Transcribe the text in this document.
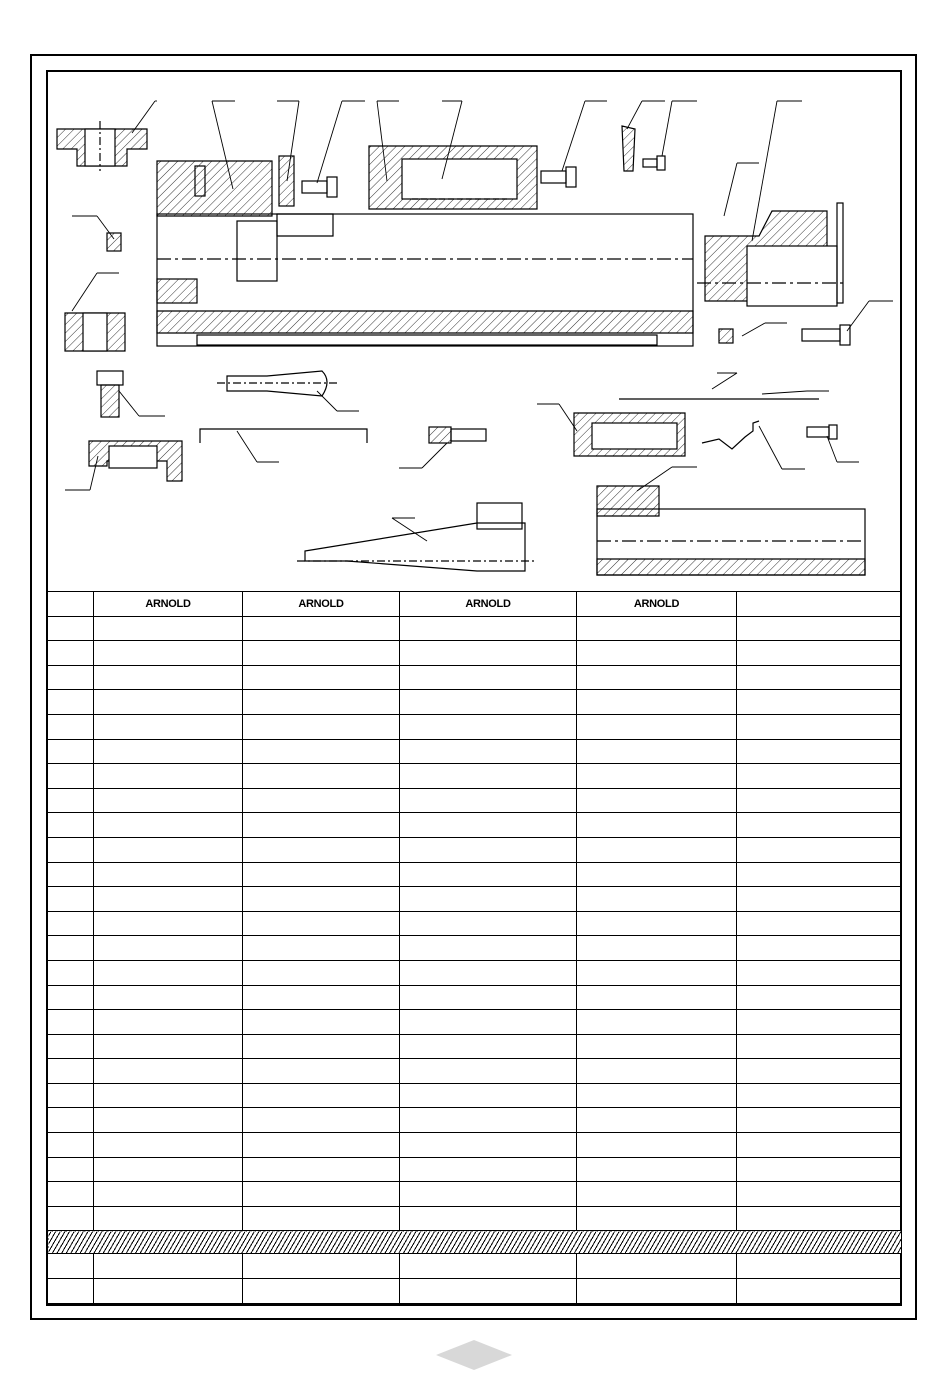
	ARNOLD	ARNOLD	ARNOLD	ARNOLD	
